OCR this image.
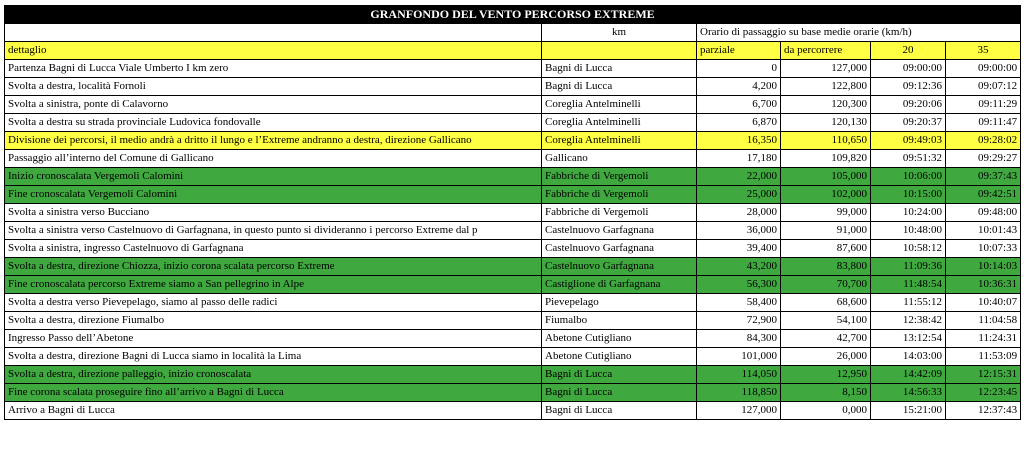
GRANFONDO DEL VENTO PERCORSO EXTREME					
	km	Orario di passaggio su base medie orarie (km/h)			
dettaglio		parziale	da percorrere	20	35
Partenza Bagni di Lucca Viale Umberto I km zero	Bagni di Lucca	0	127,000	09:00:00	09:00:00
Svolta a destra, località Fornoli	Bagni di Lucca	4,200	122,800	09:12:36	09:07:12
Svolta a sinistra, ponte di Calavorno	Coreglia Antelminelli	6,700	120,300	09:20:06	09:11:29
Svolta a destra su strada provinciale Ludovica fondovalle	Coreglia Antelminelli	6,870	120,130	09:20:37	09:11:47
Divisione dei percorsi, il medio andrà a dritto il lungo e l’Extreme andranno a destra, direzione Gallicano	Coreglia Antelminelli	16,350	110,650	09:49:03	09:28:02
Passaggio all’interno del Comune di Gallicano	Gallicano	17,180	109,820	09:51:32	09:29:27
Inizio cronoscalata Vergemoli Calomini	Fabbriche di Vergemoli	22,000	105,000	10:06:00	09:37:43
Fine cronoscalata Vergemoli Calomini	Fabbriche di Vergemoli	25,000	102,000	10:15:00	09:42:51
Svolta a sinistra verso Bucciano	Fabbriche di Vergemoli	28,000	99,000	10:24:00	09:48:00
Svolta a sinistra verso Castelnuovo di Garfagnana, in questo punto si divideranno i percorso Extreme dal p	Castelnuovo Garfagnana	36,000	91,000	10:48:00	10:01:43
Svolta a sinistra, ingresso Castelnuovo di Garfagnana	Castelnuovo Garfagnana	39,400	87,600	10:58:12	10:07:33
Svolta a destra, direzione Chiozza, inizio corona scalata percorso Extreme	Castelnuovo Garfagnana	43,200	83,800	11:09:36	10:14:03
Fine cronoscalata percorso Extreme siamo a San pellegrino in Alpe	Castiglione di Garfagnana	56,300	70,700	11:48:54	10:36:31
Svolta a destra verso Pievepelago, siamo al passo delle radici	Pievepelago	58,400	68,600	11:55:12	10:40:07
Svolta a destra, direzione Fiumalbo	Fiumalbo	72,900	54,100	12:38:42	11:04:58
Ingresso Passo dell’Abetone	Abetone Cutigliano	84,300	42,700	13:12:54	11:24:31
Svolta a destra, direzione Bagni di Lucca siamo in località la Lima	Abetone Cutigliano	101,000	26,000	14:03:00	11:53:09
Svolta a destra, direzione palleggio, inizio cronoscalata	Bagni di Lucca	114,050	12,950	14:42:09	12:15:31
Fine corona scalata proseguire fino all’arrivo a Bagni di Lucca	Bagni di Lucca	118,850	8,150	14:56:33	12:23:45
Arrivo a Bagni di Lucca	Bagni di Lucca	127,000	0,000	15:21:00	12:37:43
